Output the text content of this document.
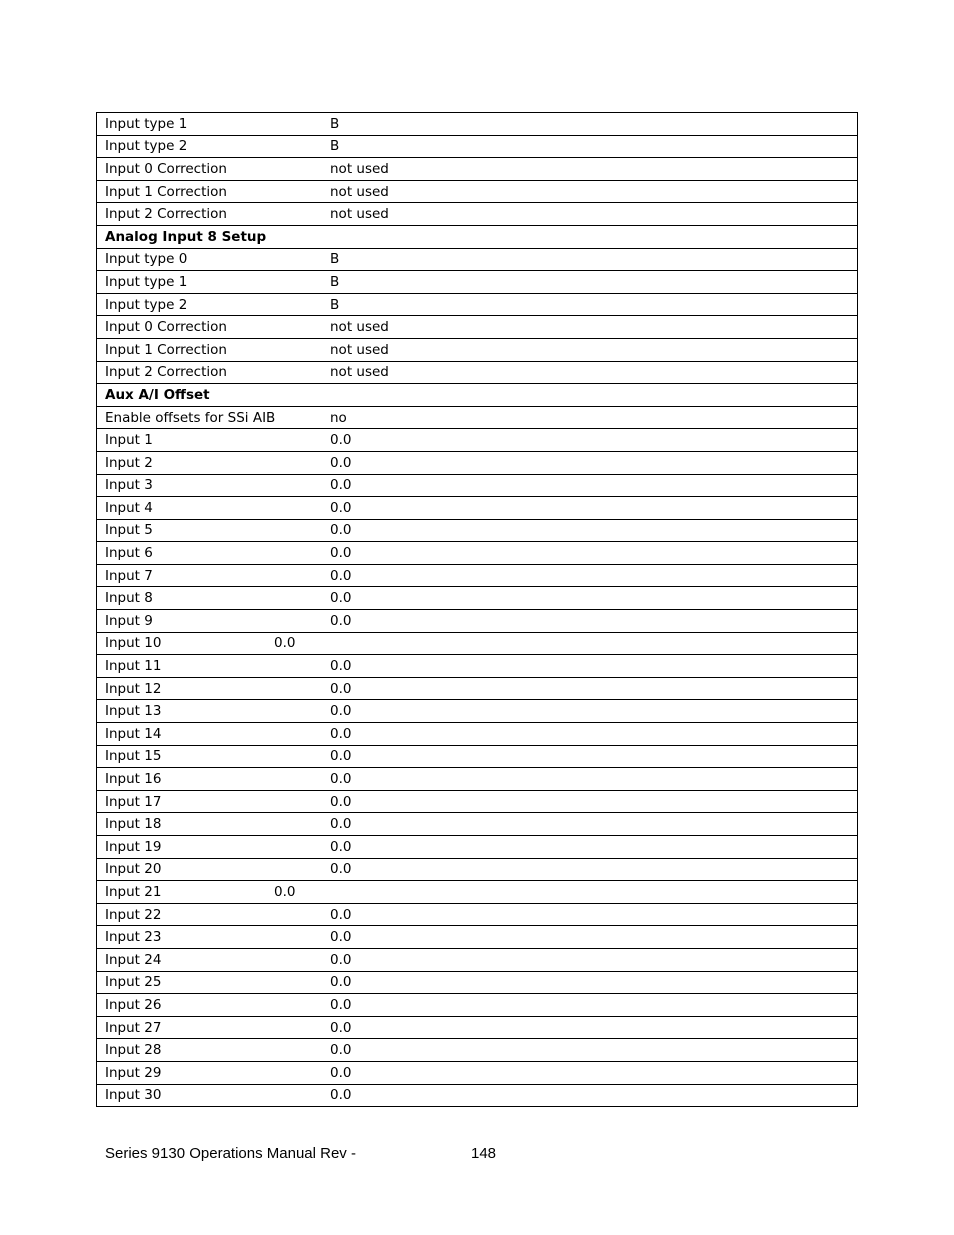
Input type 1	B
Input type 2	B
Input 0 Correction	not used
Input 1 Correction	not used
Input 2 Correction	not used
Analog Input 8 Setup	
Input type 0	B
Input type 1	B
Input type 2	B
Input 0 Correction	not used
Input 1 Correction	not used
Input 2 Correction	not used
Aux A/I Offset	
Enable offsets for SSi AIB	no
Input 1	0.0
Input 2	0.0
Input 3	0.0
Input 4	0.0
Input 5	0.0
Input 6	0.0
Input 7	0.0
Input 8	0.0
Input 9	0.0
Input 10 0.0	

Input 11	0.0
Input 12	0.0
Input 13	0.0
Input 14	0.0
Input 15	0.0
Input 16	0.0
Input 17	0.0
Input 18	0.0
Input 19	0.0
Input 20	0.0
Input 21 0.0	

Input 22	0.0
Input 23	0.0
Input 24	0.0
Input 25	0.0
Input 26	0.0
Input 27	0.0
Input 28	0.0
Input 29	0.0
Input 30	0.0
Series 9130 Operations Manual Rev -	148
